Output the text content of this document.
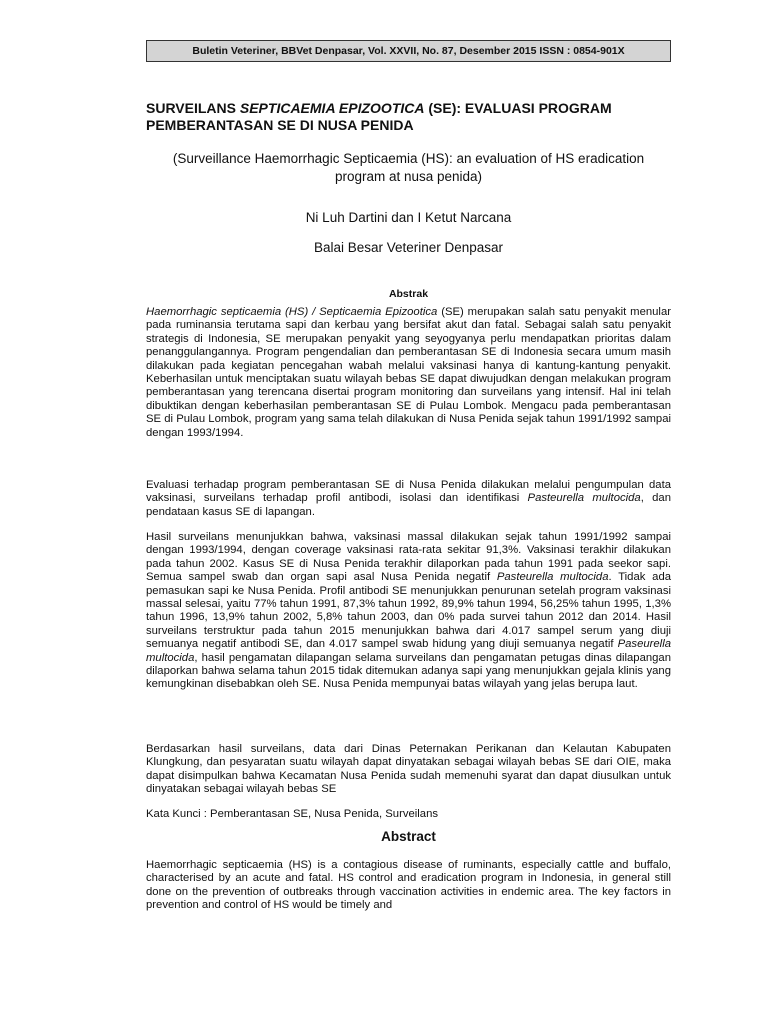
Buletin Veteriner, BBVet Denpasar, Vol. XXVII, No. 87, Desember 2015 ISSN : 0854-901X
SURVEILANS SEPTICAEMIA EPIZOOTICA (SE): EVALUASI PROGRAM PEMBERANTASAN SE DI NUSA PENIDA
(Surveillance Haemorrhagic Septicaemia (HS): an evaluation of HS eradication program at nusa penida)
Ni Luh Dartini dan I Ketut Narcana
Balai Besar Veteriner Denpasar
Abstrak
Haemorrhagic septicaemia (HS) / Septicaemia Epizootica (SE) merupakan salah satu penyakit menular pada ruminansia terutama sapi dan kerbau yang bersifat akut dan fatal. Sebagai salah satu penyakit strategis di Indonesia, SE merupakan penyakit yang seyogyanya perlu mendapatkan prioritas dalam penanggulangannya. Program pengendalian dan pemberantasan SE di Indonesia secara umum masih dilakukan pada kegiatan pencegahan wabah melalui vaksinasi hanya di kantung-kantung penyakit. Keberhasilan untuk menciptakan suatu wilayah bebas SE dapat diwujudkan dengan melakukan program pemberantasan yang terencana disertai program monitoring dan surveilans yang intensif. Hal ini telah dibuktikan dengan keberhasilan pemberantasan SE di Pulau Lombok. Mengacu pada pemberantasan SE di Pulau Lombok, program yang sama telah dilakukan di Nusa Penida sejak tahun 1991/1992 sampai dengan 1993/1994.
Evaluasi terhadap program pemberantasan SE di Nusa Penida dilakukan melalui pengumpulan data vaksinasi, surveilans terhadap profil antibodi, isolasi dan identifikasi Pasteurella multocida, dan pendataan kasus SE di lapangan.
Hasil surveilans menunjukkan bahwa, vaksinasi massal dilakukan sejak tahun 1991/1992 sampai dengan 1993/1994, dengan coverage vaksinasi rata-rata sekitar 91,3%. Vaksinasi terakhir dilakukan pada tahun 2002. Kasus SE di Nusa Penida terakhir dilaporkan pada tahun 1991 pada seekor sapi. Semua sampel swab dan organ sapi asal Nusa Penida negatif Pasteurella multocida. Tidak ada pemasukan sapi ke Nusa Penida. Profil antibodi SE menunjukkan penurunan setelah program vaksinasi massal selesai, yaitu 77% tahun 1991, 87,3% tahun 1992, 89,9% tahun 1994, 56,25% tahun 1995, 1,3% tahun 1996, 13,9% tahun 2002, 5,8% tahun 2003, dan 0% pada survei tahun 2012 dan 2014. Hasil surveilans terstruktur pada tahun 2015 menunjukkan bahwa dari 4.017 sampel serum yang diuji semuanya negatif antibodi SE, dan 4.017 sampel swab hidung yang diuji semuanya negatif Paseurella multocida, hasil pengamatan dilapangan selama surveilans dan pengamatan petugas dinas dilapangan dilaporkan bahwa selama tahun 2015 tidak ditemukan adanya sapi yang menunjukkan gejala klinis yang kemungkinan disebabkan oleh SE. Nusa Penida mempunyai batas wilayah yang jelas berupa laut.
Berdasarkan hasil surveilans, data dari Dinas Peternakan Perikanan dan Kelautan Kabupaten Klungkung, dan pesyaratan suatu wilayah dapat dinyatakan sebagai wilayah bebas SE dari OIE, maka dapat disimpulkan bahwa Kecamatan Nusa Penida sudah memenuhi syarat dan dapat diusulkan untuk dinyatakan sebagai wilayah bebas SE
Kata Kunci : Pemberantasan SE, Nusa Penida, Surveilans
Abstract
Haemorrhagic septicaemia (HS) is a contagious disease of ruminants, especially cattle and buffalo, characterised by an acute and fatal. HS control and eradication program in Indonesia, in general still done on the prevention of outbreaks through vaccination activities in endemic area. The key factors in prevention and control of HS would be timely and
